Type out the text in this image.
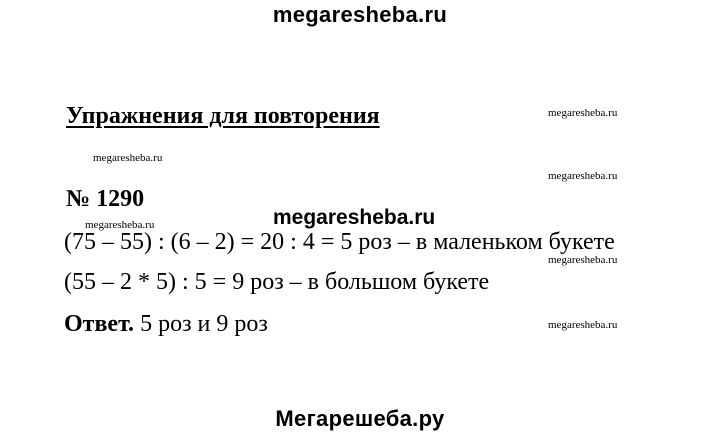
megaresheba.ru
Упражнения для повторения	megaresheba.ru
megaresheba.ru
megaresheba.ru
№ 1290
megaresheba.ru	megaresheba.ru
(75 – 55) : (6 – 2) = 20 : 4 = 5 роз – в маленьком букете
megaresheba.ru
(55 – 2 * 5) : 5 = 9 роз – в большом букете
Ответ. 5 роз и 9 роз	megaresheba.ru
Мегарешеба.ру
